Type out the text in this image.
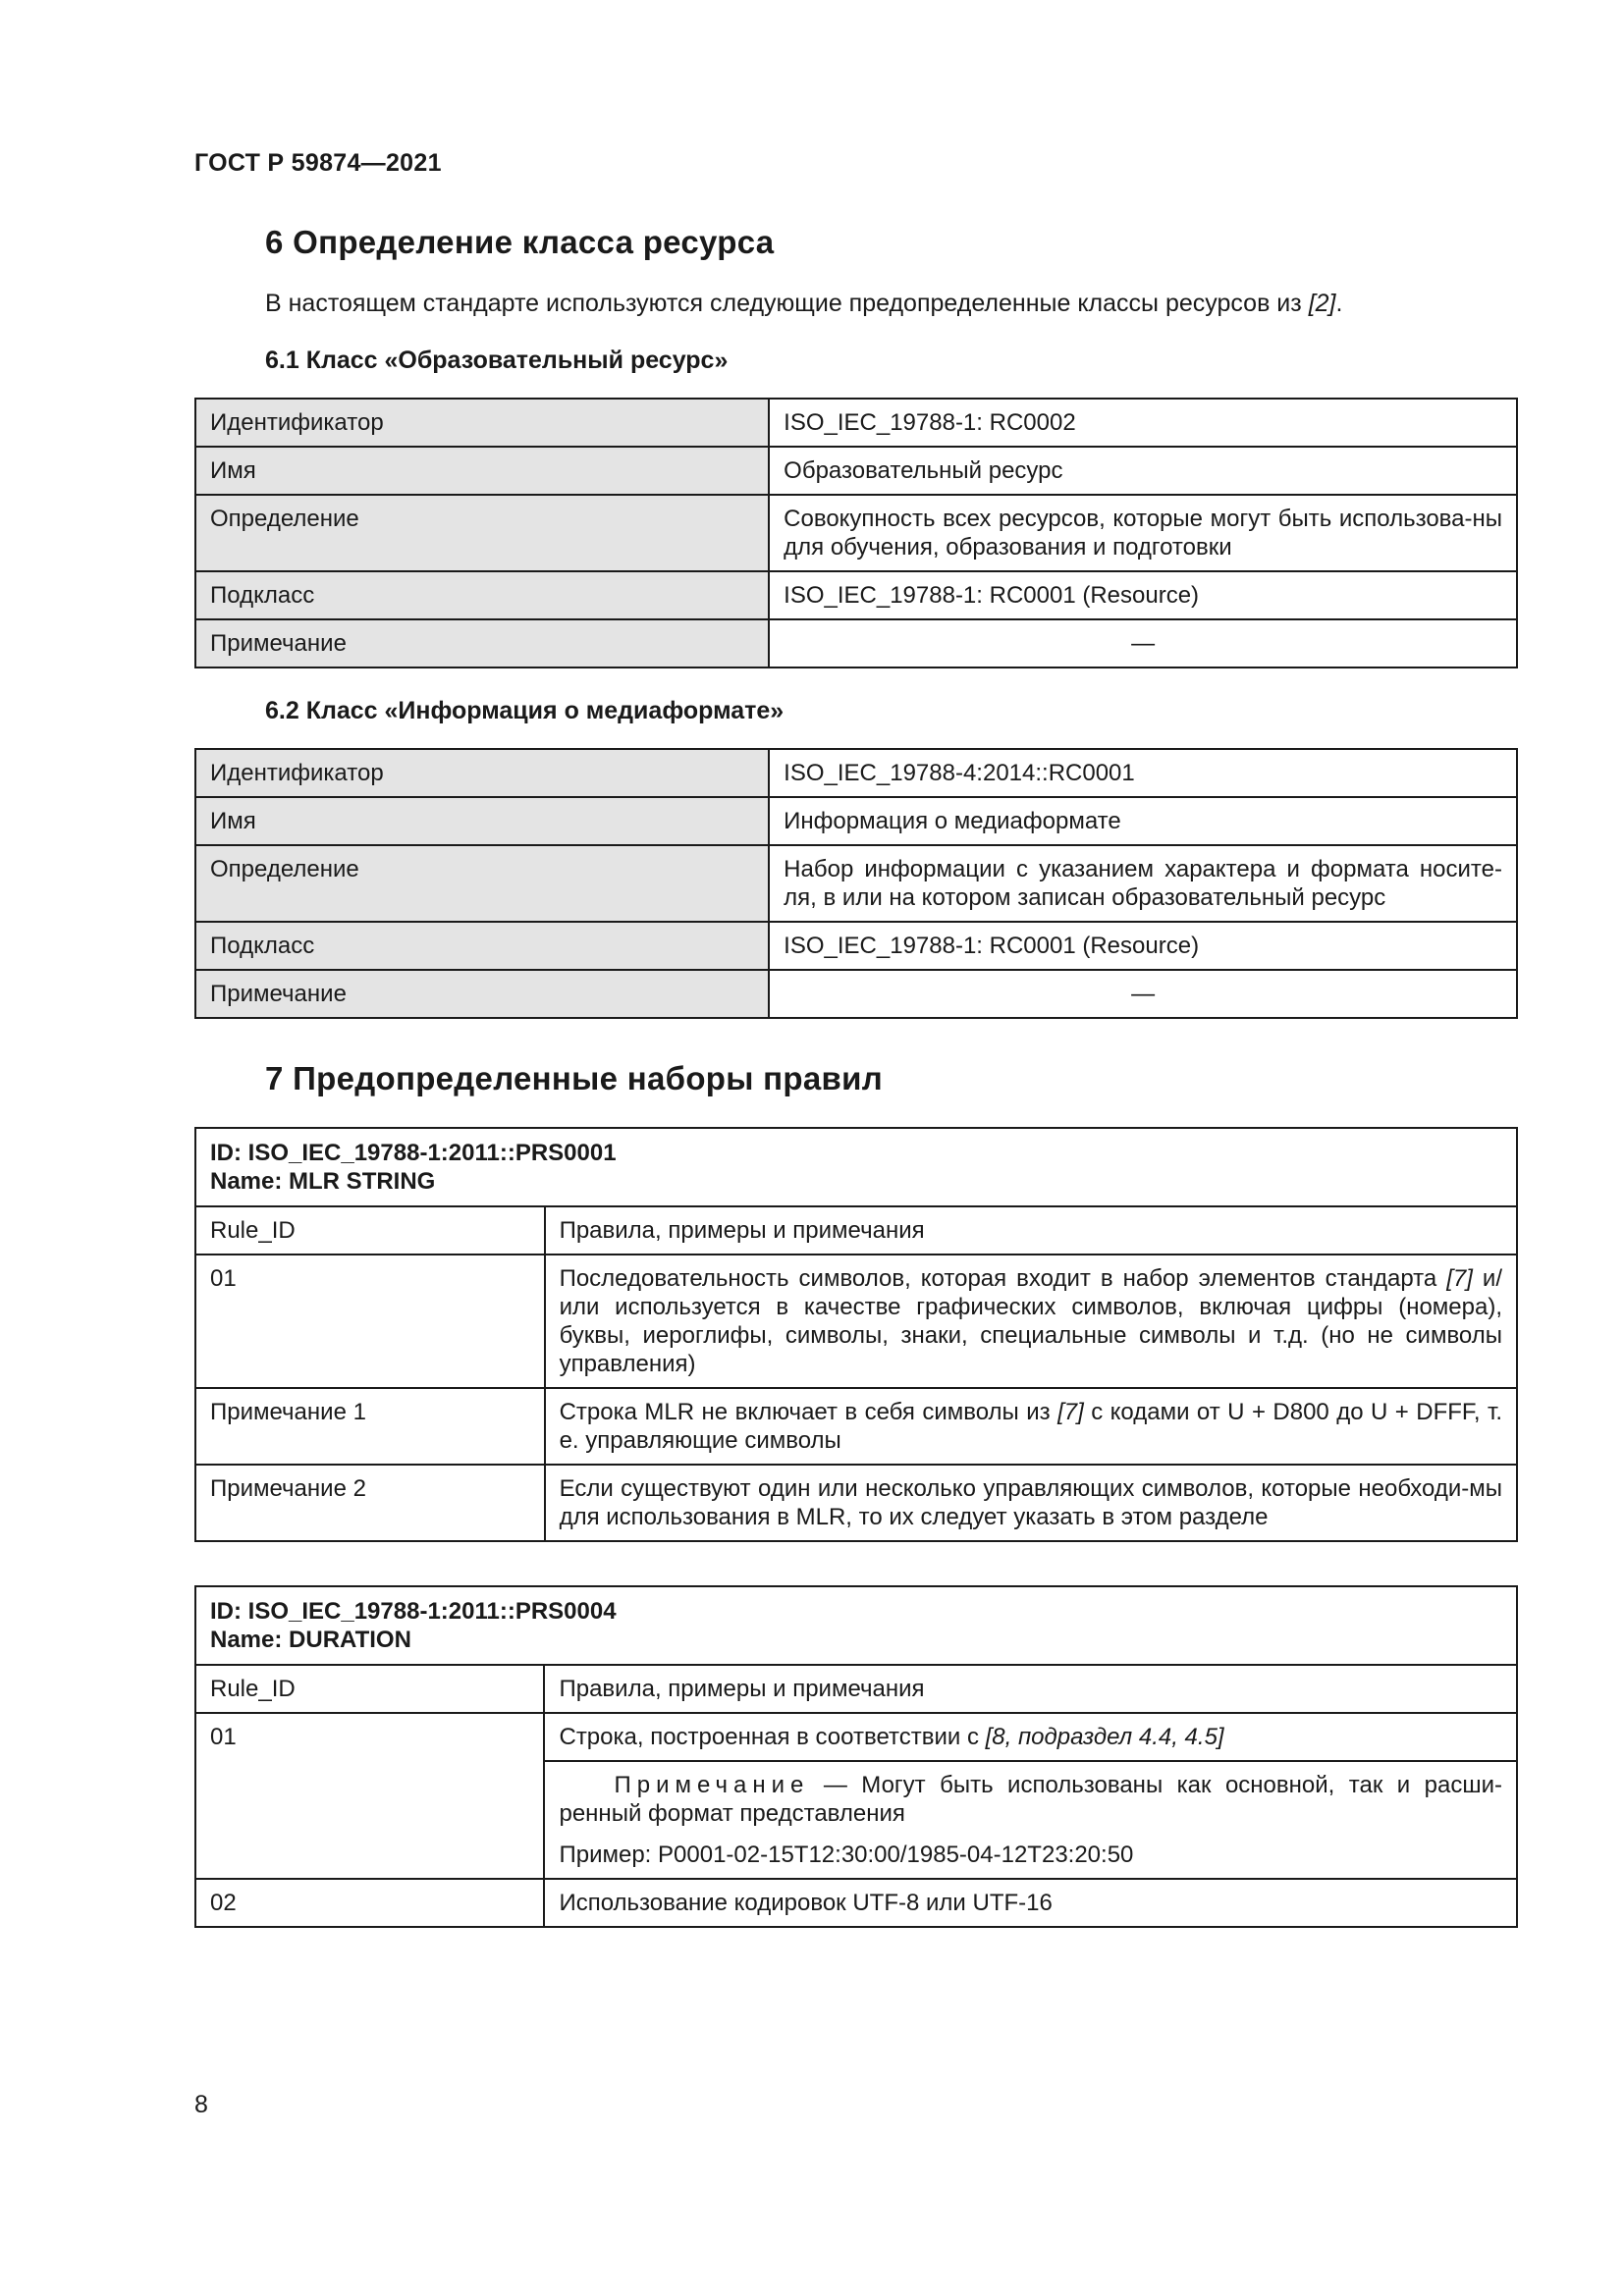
ГОСТ Р 59874—2021
6 Определение класса ресурса

В настоящем стандарте используются следующие предопределенные классы ресурсов из [2].

6.1 Класс «Образовательный ресурс»
Идентификатор	ISO_IEC_19788-1: RC0002
Имя	Образовательный ресурс
Определение	Совокупность всех ресурсов, которые могут быть использова-ны для обучения, образования и подготовки
Подкласс	ISO_IEC_19788-1: RC0001 (Resource)
Примечание	—
6.2 Класс «Информация о медиаформате»
Идентификатор	ISO_IEC_19788-4:2014::RC0001
Имя	Информация о медиаформате
Определение	Набор информации с указанием характера и формата носите-ля, в или на котором записан образовательный ресурс
Подкласс	ISO_IEC_19788-1: RC0001 (Resource)
Примечание	—
7 Предопределенные наборы правил
ID: ISO_IEC_19788-1:2011::PRS0001
Name: MLR STRING	

Rule_ID	Правила, примеры и примечания
01	Последовательность символов, которая входит в набор элементов стандарта [7] и/или используется в качестве графических символов, включая цифры (номера), буквы, иероглифы, символы, знаки, специальные символы и т.д. (но не символы управления)
Примечание 1	Строка MLR не включает в себя символы из [7] с кодами от U + D800 до U + DFFF, т. е. управляющие символы
Примечание 2	Если существуют один или несколько управляющих символов, которые необходи-мы для использования в MLR, то их следует указать в этом разделе
ID: ISO_IEC_19788-1:2011::PRS0004
Name: DURATION	

Rule_ID	Правила, примеры и примечания
01	Строка, построенная в соответствии с [8, подраздел 4.4, 4.5]

	Примечание — Могут быть использованы как основной, так и расши-ренный формат представления

Пример: P0001-02-15T12:30:00/1985-04-12T23:20:50

02	Использование кодировок UTF-8 или UTF-16
8
